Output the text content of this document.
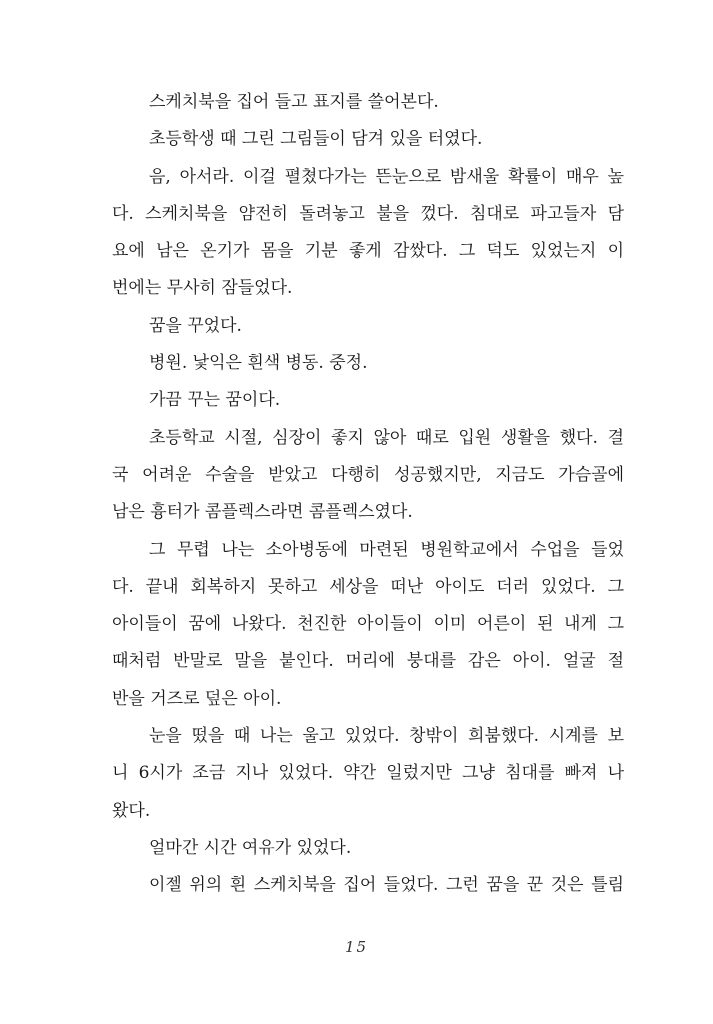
스케치북을 집어 들고 표지를 쓸어본다.
초등학생 때 그린 그림들이 담겨 있을 터였다.
음, 아서라. 이걸 펼쳤다가는 뜬눈으로 밤새울 확률이 매우 높
다. 스케치북을 얌전히 돌려놓고 불을 껐다. 침대로 파고들자 담
요에 남은 온기가 몸을 기분 좋게 감쌌다. 그 덕도 있었는지 이
번에는 무사히 잠들었다.
꿈을 꾸었다.
병원. 낯익은 흰색 병동. 중정.
가끔 꾸는 꿈이다.
초등학교 시절, 심장이 좋지 않아 때로 입원 생활을 했다. 결
국 어려운 수술을 받았고 다행히 성공했지만, 지금도 가슴골에
남은 흉터가 콤플렉스라면 콤플렉스였다.
그 무렵 나는 소아병동에 마련된 병원학교에서 수업을 들었
다. 끝내 회복하지 못하고 세상을 떠난 아이도 더러 있었다. 그
아이들이 꿈에 나왔다. 천진한 아이들이 이미 어른이 된 내게 그
때처럼 반말로 말을 붙인다. 머리에 붕대를 감은 아이. 얼굴 절
반을 거즈로 덮은 아이.
눈을 떴을 때 나는 울고 있었다. 창밖이 희붐했다. 시계를 보
니 6시가 조금 지나 있었다. 약간 일렀지만 그냥 침대를 빠져 나
왔다.
얼마간 시간 여유가 있었다.
이젤 위의 흰 스케치북을 집어 들었다. 그런 꿈을 꾼 것은 틀림
15
